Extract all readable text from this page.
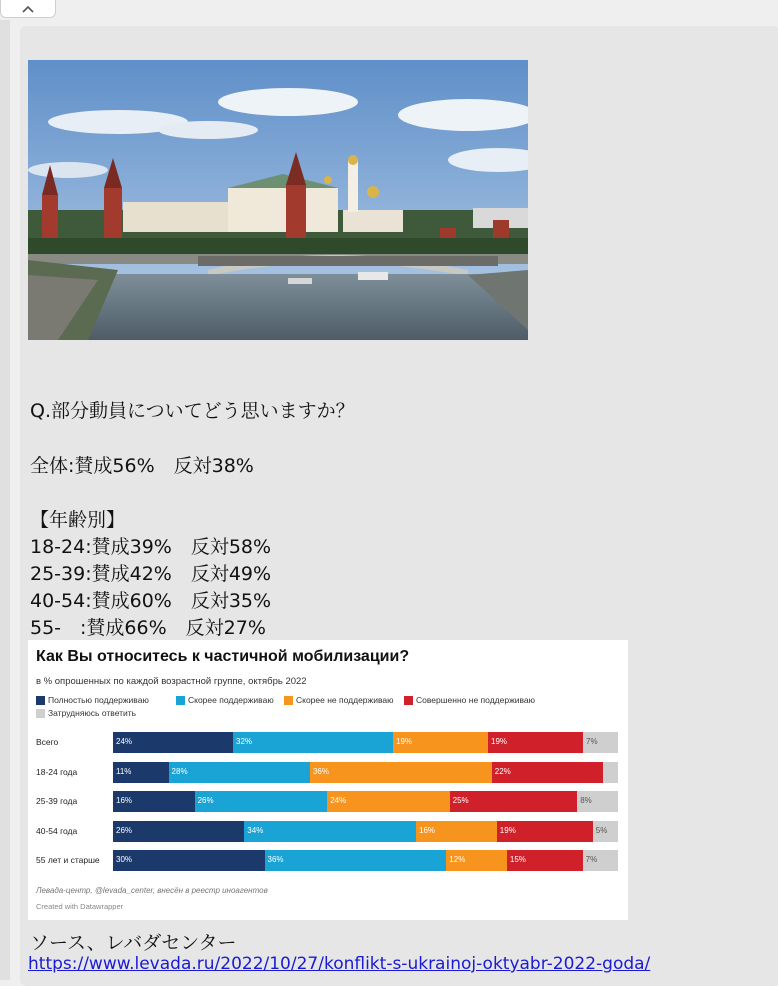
Q.部分動員についてどう思いますか？
全体:賛成56%　反対38%
【年齢別】
18-24:賛成39%　反対58%
25-39:賛成42%　反対49%
40-54:賛成60%　反対35%
55-　:賛成66%　反対27%
Как Вы относитесь к частичной мобилизации?
в % опрошенных по каждой возрастной группе, октябрь 2022
Полностью поддерживаю	Скорее поддерживаю	Скорее не поддерживаю	Совершенно не поддерживаю
Затрудняюсь ответить
Всего	24%	32%	19%	19%	7%
18-24 года	11%	28%	36%	22%
25-39 года	16%	26%	24%	25%	8%
40-54 года	26%	34%	16%	19%	5%
55 лет и старше 30%	36%	12%	15%	7%
Левада-центр, @levada_center, внесён в реестр иноагентов
Created with Datawrapper
ソース、レバダセンター
https://www.levada.ru/2022/10/27/konflikt-s-ukrainoj-oktyabr-2022-goda/
